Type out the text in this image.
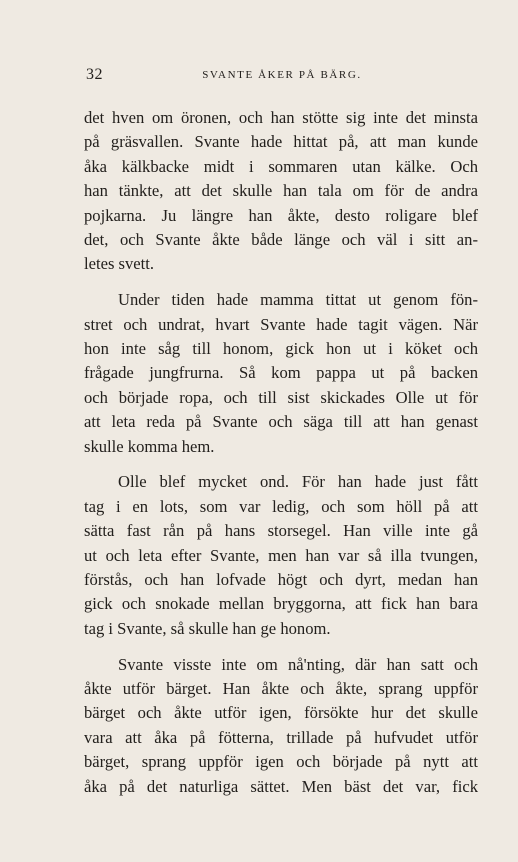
32	SVANTE ÅKER PÅ BÄRG.
det hven om öronen, och han stötte sig inte det minsta
på gräsvallen. Svante hade hittat på, att man kunde
åka kälkbacke midt i sommaren utan kälke. Och
han tänkte, att det skulle han tala om för de andra
pojkarna. Ju längre han åkte, desto roligare blef
det, och Svante åkte både länge och väl i sitt an-
letes svett.
Under tiden hade mamma tittat ut genom fön-
stret och undrat, hvart Svante hade tagit vägen. När
hon inte såg till honom, gick hon ut i köket och
frågade jungfrurna. Så kom pappa ut på backen
och började ropa, och till sist skickades Olle ut för
att leta reda på Svante och säga till att han genast
skulle komma hem.
Olle blef mycket ond. För han hade just fått
tag i en lots, som var ledig, och som höll på att
sätta fast rån på hans storsegel. Han ville inte gå
ut och leta efter Svante, men han var så illa tvungen,
förstås, och han lofvade högt och dyrt, medan han
gick och snokade mellan bryggorna, att fick han bara
tag i Svante, så skulle han ge honom.
Svante visste inte om nå'nting, där han satt och
åkte utför bärget. Han åkte och åkte, sprang uppför
bärget och åkte utför igen, försökte hur det skulle
vara att åka på fötterna, trillade på hufvudet utför
bärget, sprang uppför igen och började på nytt att
åka på det naturliga sättet. Men bäst det var, fick
